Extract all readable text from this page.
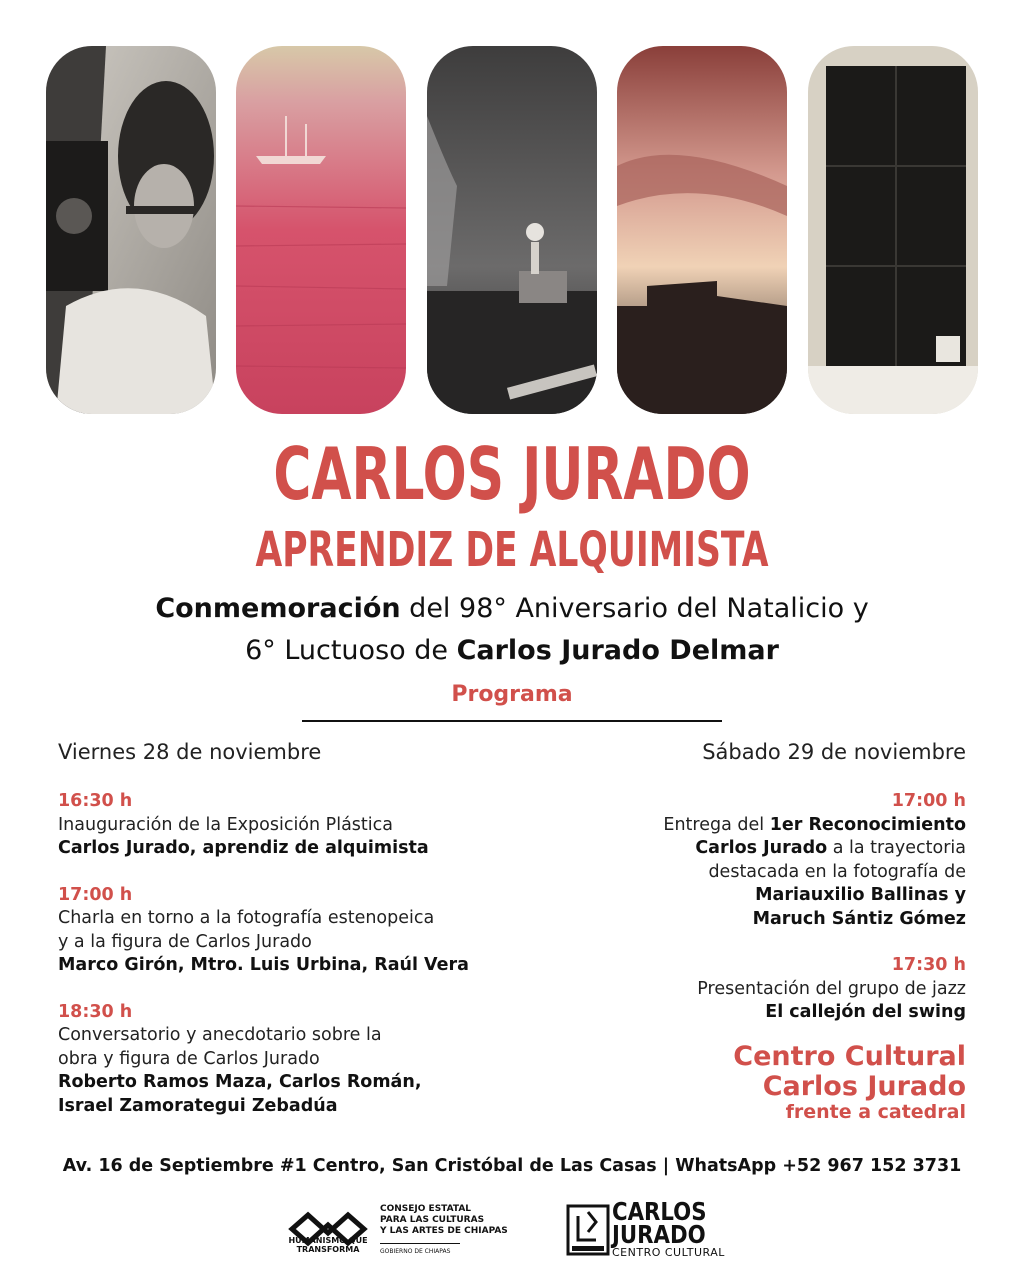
CARLOS JURADO
APRENDIZ DE ALQUIMISTA
Conmemoración del 98° Aniversario del Natalicio y
6° Luctuoso de Carlos Jurado Delmar
Programa
Viernes 28 de noviembre	Sábado 29 de noviembre
16:30 h
Inauguración de la Exposición Plástica
Carlos Jurado, aprendiz de alquimista
17:00 h
Charla en torno a la fotografía estenopeica
y a la figura de Carlos Jurado
Marco Girón, Mtro. Luis Urbina, Raúl Vera
18:30 h
Conversatorio y anecdotario sobre la
obra y figura de Carlos Jurado
Roberto Ramos Maza, Carlos Román,
Israel Zamorategui Zebadúa
17:00 h
Entrega del 1er Reconocimiento
Carlos Jurado a la trayectoria
destacada en la fotografía de
Mariauxilio Ballinas y
Maruch Sántiz Gómez
17:30 h
Presentación del grupo de jazz
El callejón del swing
Centro Cultural
Carlos Jurado
frente a catedral
Av. 16 de Septiembre #1 Centro, San Cristóbal de Las Casas | WhatsApp +52 967 152 3731
HUMANISMO QUE TRANSFORMA
CONSEJO ESTATAL
PARA LAS CULTURAS
Y LAS ARTES DE CHIAPAS
GOBIERNO DE CHIAPAS
CARLOS
JURADO
CENTRO CULTURAL
